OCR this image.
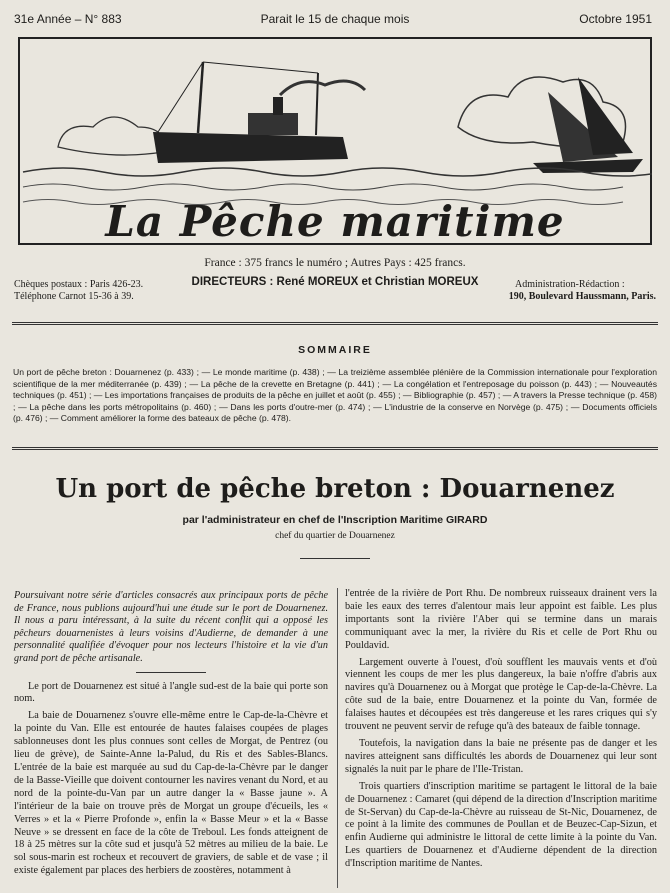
31e Année – N° 883	Parait le 15 de chaque mois	Octobre 1951
La Pêche maritime
France : 375 francs le numéro ; Autres Pays : 425 francs.
DIRECTEURS : René MOREUX et Christian MOREUX
Chèques postaux : Paris 426-23.
Téléphone Carnot 15-36 à 39.
Administration-Rédaction :
190, Boulevard Haussmann, Paris.
SOMMAIRE
Un port de pêche breton : Douarnenez (p. 433) ; — Le monde maritime (p. 438) ; — La treizième assemblée plénière de la Commission internationale pour l'exploration scientifique de la mer méditerranée (p. 439) ; — La pêche de la crevette en Bretagne (p. 441) ; — La congélation et l'entreposage du poisson (p. 443) ; — Nouveautés techniques (p. 451) ; — Les importations françaises de produits de la pêche en juillet et août (p. 455) ; — Bibliographie (p. 457) ; — A travers la Presse technique (p. 458) ; — La pêche dans les ports métropolitains (p. 460) ; — Dans les ports d'outre-mer (p. 474) ; — L'industrie de la conserve en Norvège (p. 475) ; — Documents officiels (p. 476) ; — Comment améliorer la forme des bateaux de pêche (p. 478).
Un port de pêche breton : Douarnenez
par l'administrateur en chef de l'Inscription Maritime GIRARD
chef du quartier de Douarnenez
Poursuivant notre série d'articles consacrés aux principaux ports de pêche de France, nous publions aujourd'hui une étude sur le port de Douarnenez. Il nous a paru intéressant, à la suite du récent conflit qui a opposé les pêcheurs douarnenistes à leurs voisins d'Audierne, de demander à une personnalité qualifiée d'évoquer pour nos lecteurs l'histoire et la vie d'un grand port de pêche artisanale.

Le port de Douarnenez est situé à l'angle sud-est de la baie qui porte son nom.

La baie de Douarnenez s'ouvre elle-même entre le Cap-de-la-Chèvre et la pointe du Van. Elle est entourée de hautes falaises coupées de plages sablonneuses dont les plus connues sont celles de Morgat, de Pentrez (ou lieu de grève), de Sainte-Anne la-Palud, du Ris et des Sables-Blancs. L'entrée de la baie est marquée au sud du Cap-de-la-Chèvre par le danger de la Basse-Vieille que doivent contourner les navires venant du Nord, et au nord de la pointe-du-Van par un autre danger la « Basse jaune ». A l'intérieur de la baie on trouve près de Morgat un groupe d'écueils, les « Verres » et la « Pierre Profonde », enfin la « Basse Meur » et la « Basse Neuve » se dressent en face de la côte de Treboul. Les fonds atteignent de 18 à 25 mètres sur la côte sud et jusqu'à 52 mètres au milieu de la baie. Le sol sous-marin est rocheux et recouvert de graviers, de sable et de vase ; il existe également par places des herbiers de zoostères, notamment à

l'entrée de la rivière de Port Rhu. De nombreux ruisseaux drainent vers la baie les eaux des terres d'alentour mais leur appoint est faible. Les plus importants sont la rivière l'Aber qui se termine dans un marais communiquant avec la mer, la rivière du Ris et celle de Port Rhu ou Pouldavid.

Largement ouverte à l'ouest, d'où soufflent les mauvais vents et d'où viennent les coups de mer les plus dangereux, la baie n'offre d'abris aux navires qu'à Douarnenez ou à Morgat que protège le Cap-de-la-Chèvre. La côte sud de la baie, entre Douarnenez et la pointe du Van, formée de falaises hautes et découpées est très dangereuse et les rares criques qui s'y trouvent ne peuvent servir de refuge qu'à des bateaux de faible tonnage.

Toutefois, la navigation dans la baie ne présente pas de danger et les navires atteignent sans difficultés les abords de Douarnenez qui leur sont signalés la nuit par le phare de l'Ile-Tristan.

Trois quartiers d'inscription maritime se partagent le littoral de la baie de Douarnenez : Camaret (qui dépend de la direction d'Inscription maritime de St-Servan) du Cap-de-la-Chèvre au ruisseau de St-Nic, Douarnenez, de ce point à la limite des communes de Poullan et de Beuzec-Cap-Sizun, et enfin Audierne qui administre le littoral de cette limite à la pointe du Van. Les quartiers de Douarnenez et d'Audierne dépendent de la direction d'Inscription maritime de Nantes.
